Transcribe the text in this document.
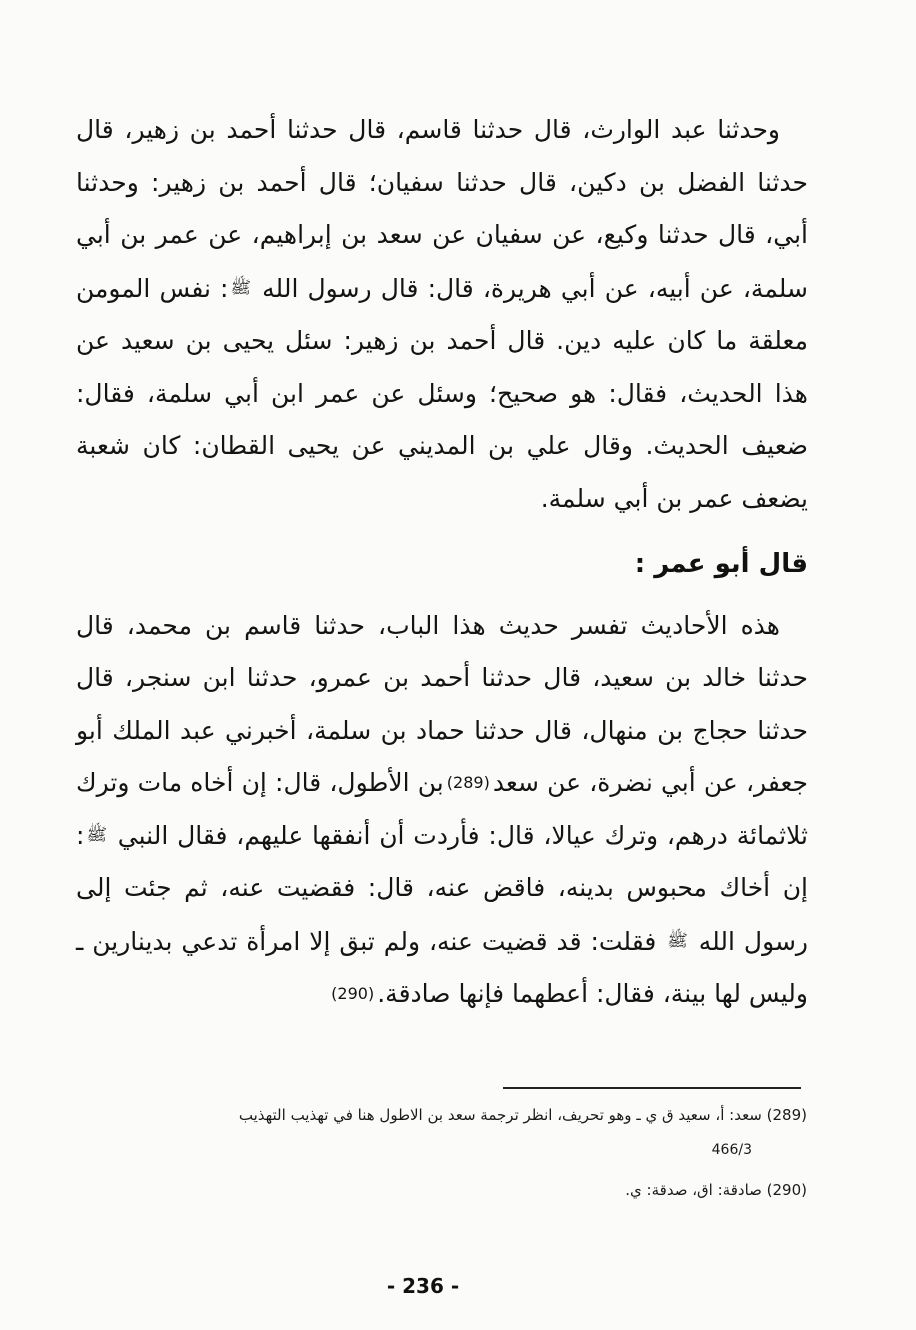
وحدثنا عبد الوارث، قال حدثنا قاسم، قال حدثنا أحمد بن زهير، قال حدثنا الفضل بن دكين، قال حدثنا سفيان؛ قال أحمد بن زهير: وحدثنا أبي، قال حدثنا وكيع، عن سفيان عن سعد بن إبراهيم، عن عمر بن أبي سلمة، عن أبيه، عن أبي هريرة، قال: قال رسول الله ﷺ: نفس المومن معلقة ما كان عليه دين. قال أحمد بن زهير: سئل يحيى بن سعيد عن هذا الحديث، فقال: هو صحيح؛ وسئل عن عمر ابن أبي سلمة، فقال: ضعيف الحديث. وقال علي بن المديني عن يحيى القطان: كان شعبة يضعف عمر بن أبي سلمة.
قال أبو عمر :
هذه الأحاديث تفسر حديث هذا الباب، حدثنا قاسم بن محمد، قال حدثنا خالد بن سعيد، قال حدثنا أحمد بن عمرو، حدثنا ابن سنجر، قال حدثنا حجاج بن منهال، قال حدثنا حماد بن سلمة، أخبرني عبد الملك أبو جعفر، عن أبي نضرة، عن سعد(289)بن الأطول، قال: إن أخاه مات وترك ثلاثمائة درهم، وترك عيالا، قال: فأردت أن أنفقها عليهم، فقال النبي ﷺ: إن أخاك محبوس بدينه، فاقض عنه، قال: فقضيت عنه، ثم جئت إلى رسول الله ﷺ فقلت: قد قضيت عنه، ولم تبق إلا امرأة تدعي بدينارين ـ وليس لها بينة، فقال: أعطهما فإنها صادقة.(290)
(289) سعد: أ، سعيد ق ي ـ وهو تحريف، انظر ترجمة سعد بن الاطول هنا في تهذيب التهذيب
466/3
(290) صادقة: اق، صدقة: ي.
- 236 -
